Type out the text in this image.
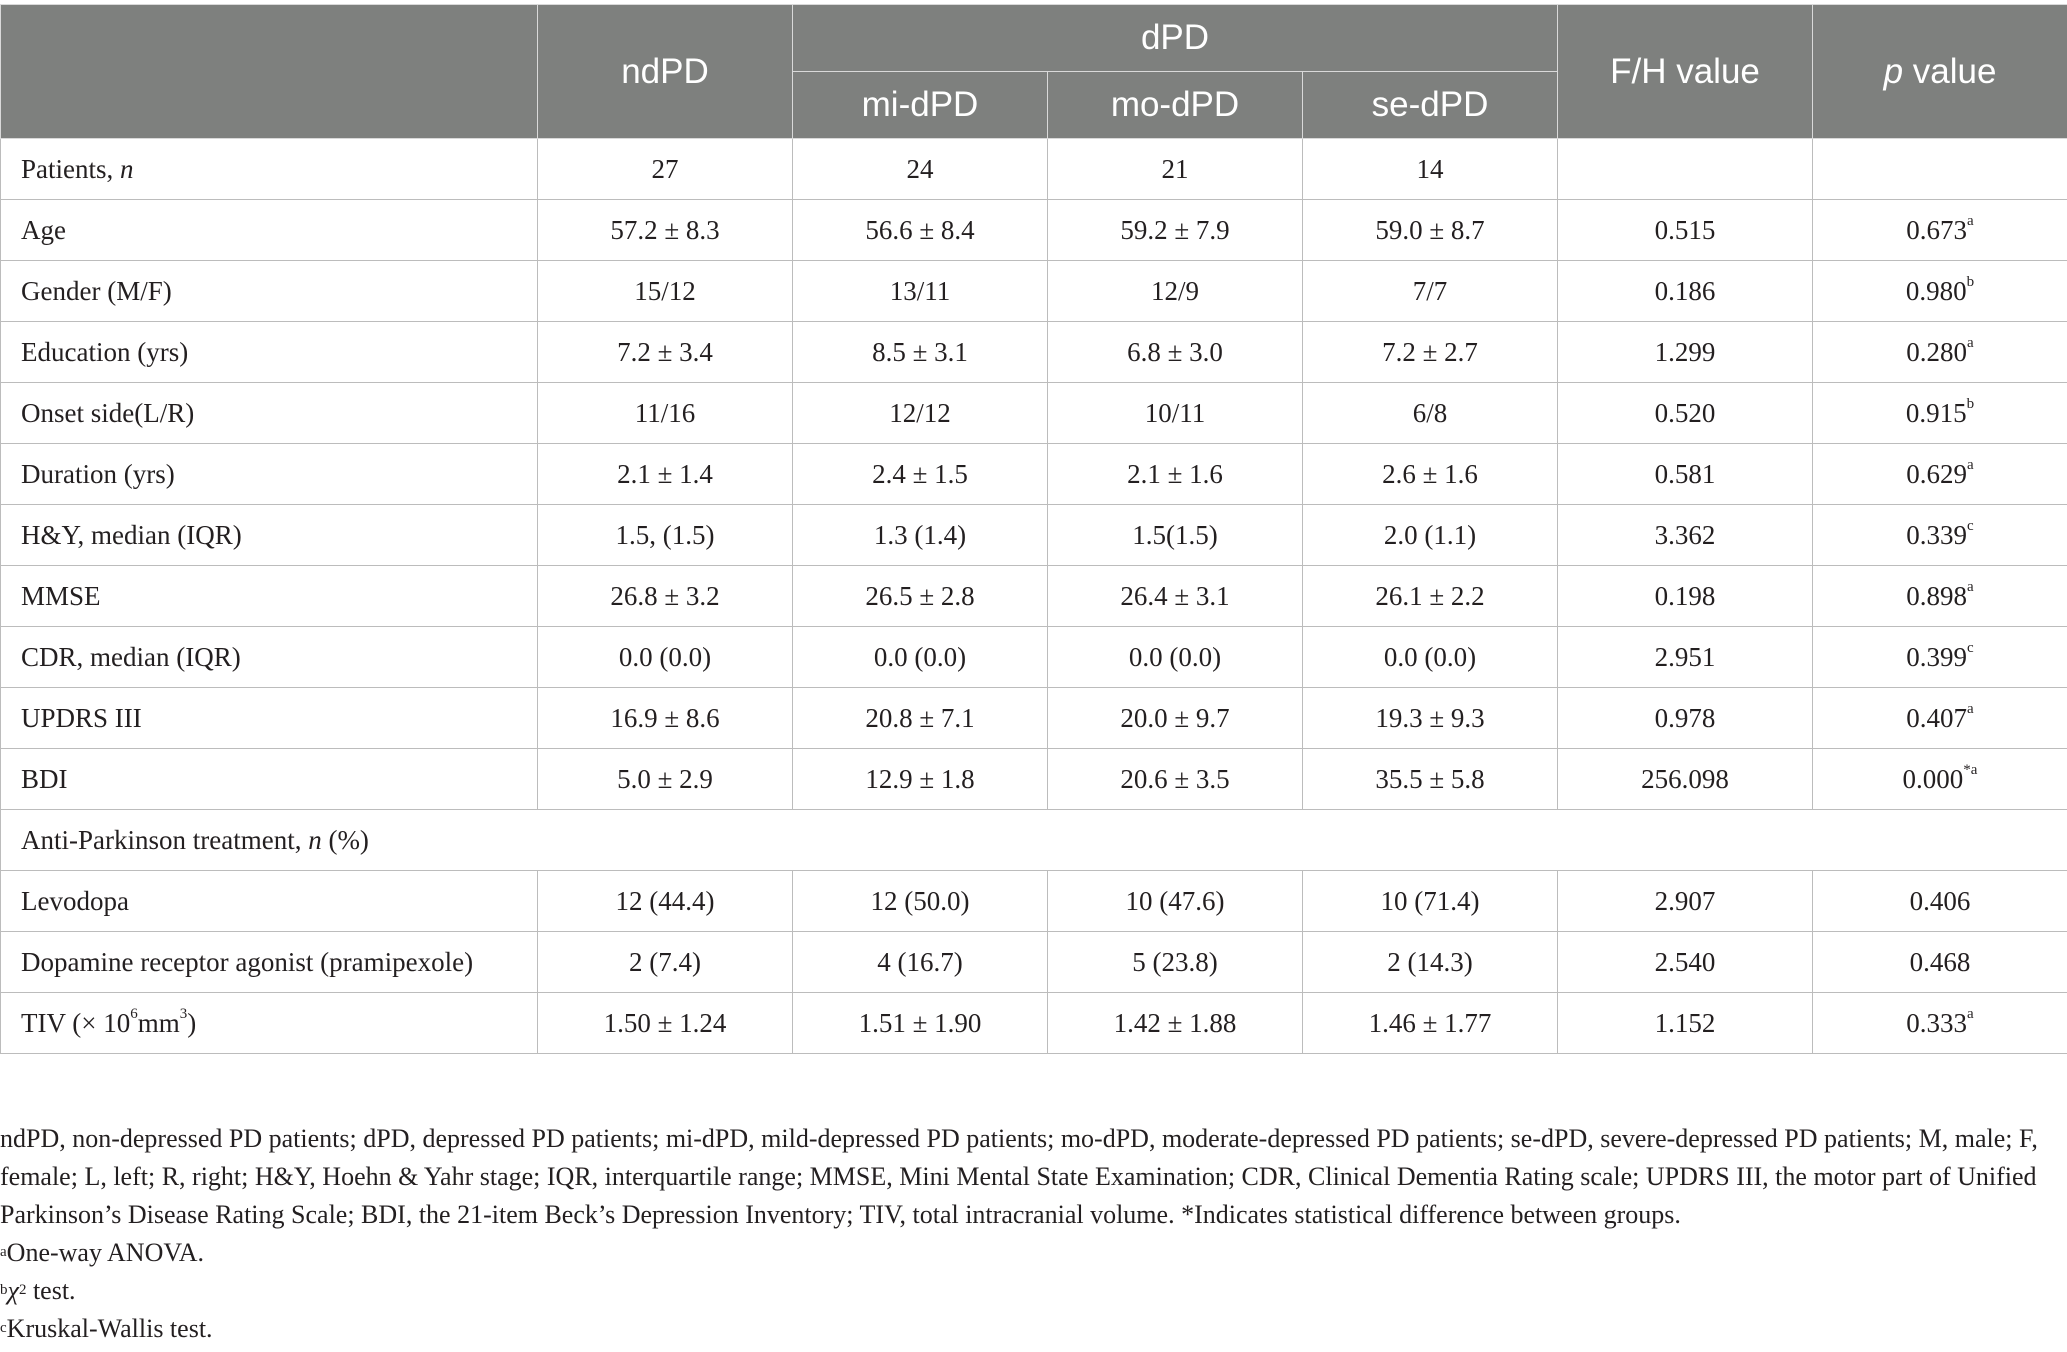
	ndPD	dPD			F/H value	p value
		mi-dPD	mo-dPD	se-dPD		
Patients, n	27	24	21	14		
Age	57.2 ± 8.3	56.6 ± 8.4	59.2 ± 7.9	59.0 ± 8.7	0.515	0.673$^a$
Gender (M/F)	15/12	13/11	12/9	7/7	0.186	0.980$^b$
Education (yrs)	7.2 ± 3.4	8.5 ± 3.1	6.8 ± 3.0	7.2 ± 2.7	1.299	0.280$^a$
Onset side(L/R)	11/16	12/12	10/11	6/8	0.520	0.915$^b$
Duration (yrs)	2.1 ± 1.4	2.4 ± 1.5	2.1 ± 1.6	2.6 ± 1.6	0.581	0.629$^a$
H&Y, median (IQR)	1.5, (1.5)	1.3 (1.4)	1.5(1.5)	2.0 (1.1)	3.362	0.339$^c$
MMSE	26.8 ± 3.2	26.5 ± 2.8	26.4 ± 3.1	26.1 ± 2.2	0.198	0.898$^a$
CDR, median (IQR)	0.0 (0.0)	0.0 (0.0)	0.0 (0.0)	0.0 (0.0)	2.951	0.399$^c$
UPDRS III	16.9 ± 8.6	20.8 ± 7.1	20.0 ± 9.7	19.3 ± 9.3	0.978	0.407$^a$
BDI	5.0 ± 2.9	12.9 ± 1.8	20.6 ± 3.5	35.5 ± 5.8	256.098	0.000$^{*a}$
Anti-Parkinson treatment, n (%)						
Levodopa	12 (44.4)	12 (50.0)	10 (47.6)	10 (71.4)	2.907	0.406
Dopamine receptor agonist (pramipexole)	2 (7.4)	4 (16.7)	5 (23.8)	2 (14.3)	2.540	0.468
TIV (× $10^6mm^3$)	1.50 ± 1.24	1.51 ± 1.90	1.42 ± 1.88	1.46 ± 1.77	1.152	0.333$^a$

ndPD, non-depressed PD patients; dPD, depressed PD patients; mi-dPD, mild-depressed PD patients; mo-dPD, moderate-depressed PD patients; se-dPD, severe-depressed PD patients; M, male; F, female; L, left; R, right; H&Y, Hoehn & Yahr stage; IQR, interquartile range; MMSE, Mini Mental State Examination; CDR, Clinical Dementia Rating scale; UPDRS III, the motor part of Unified Parkinson’s Disease Rating Scale; BDI, the 21-item Beck’s Depression Inventory; TIV, total intracranial volume. *Indicates statistical difference between groups.

$^a$One-way ANOVA.

$^b\chi^2$ test.

$^c$Kruskal-Wallis test.
